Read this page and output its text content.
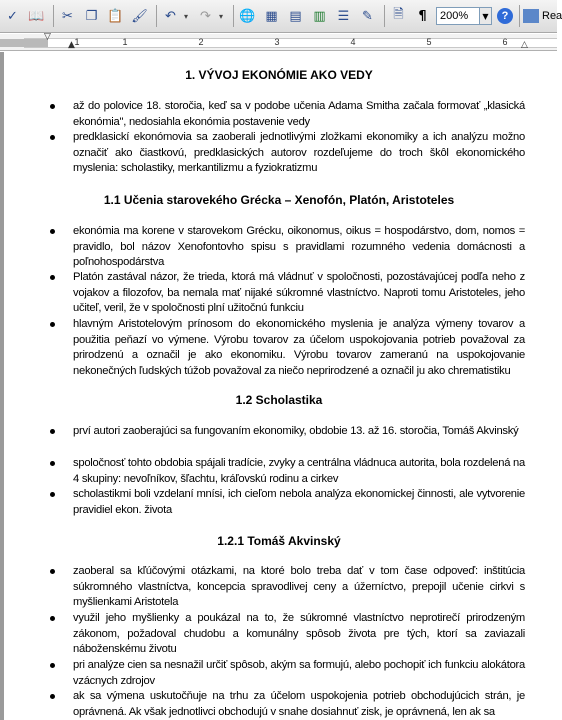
✓ 📖	✂ ❐ 📋 🖌	↶	▾ ↷	▾	🌐 ▦ ▤ ▥ ☰ ✎	🗎	¶	200%	▼	?	Rea
1	1	2	3	4	5	6
▽
▲	△
1. VÝVOJ EKONÓMIE AKO VEDY
až do polovice 18. storočia, keď sa v podobe učenia Adama Smitha začala formovať „klasická ekonómia", nedosiahla ekonómia postavenie vedy
predklasickí ekonómovia sa zaoberali jednotlivými zložkami ekonomiky a ich analýzu možno označiť ako čiastkovú, predklasických autorov rozdeľujeme do troch škôl ekonomického myslenia: scholastiky, merkantilizmu a fyziokratizmu
1.1 Učenia starovekého Grécka – Xenofón, Platón, Aristoteles
ekonómia ma korene v starovekom Grécku, oikonomus, oikus = hospodárstvo, dom, nomos = pravidlo, bol názov Xenofontovho spisu s pravidlami rozumného vedenia domácnosti a poľnohospodárstva
Platón zastával názor, že trieda, ktorá má vládnuť v spoločnosti, pozostávajúcej podľa neho z vojakov a filozofov, ba nemala mať nijaké súkromné vlastníctvo. Naproti tomu Aristoteles, jeho učiteľ, veril, že v spoločnosti plní užitočnú funkciu
hlavným Aristotelovým prínosom do ekonomického myslenia je analýza výmeny tovarov a použitia peňazí vo výmene. Výrobu tovarov za účelom uspokojovania potrieb považoval za prirodzenú a označil je ako ekonomiku. Výrobu tovarov zameranú na uspokojovanie nekonečných ľudských túžob považoval za niečo neprirodzené a označil ju ako chrematistiku
1.2 Scholastika
prví autori zaoberajúci sa fungovaním ekonomiky, obdobie 13. až 16. storočia, Tomáš Akvinský
spoločnosť tohto obdobia spájali tradície, zvyky a centrálna vládnuca autorita, bola rozdelená na 4 skupiny: nevoľníkov, šľachtu, kráľovskú rodinu a cirkev
scholastikmi boli vzdelaní mnísi, ich cieľom nebola analýza ekonomickej činnosti, ale vytvorenie pravidiel ekon. života
1.2.1 Tomáš Akvinský
zaoberal sa kľúčovými otázkami, na ktoré bolo treba dať v tom čase odpoveď: inštitúcia súkromného vlastníctva, koncepcia spravodlivej ceny a úžerníctvo, prepojil učenie cirkvi s myšlienkami Aristotela
využil jeho myšlienky a poukázal na to, že súkromné vlastníctvo neprotirečí prirodzeným zákonom, požadoval chudobu a komunálny spôsob života pre tých, ktorí sa zaviazali náboženskému životu
pri analýze cien sa nesnažil určiť spôsob, akým sa formujú, alebo pochopiť ich funkciu alokátora vzácnych zdrojov
ak sa výmena uskutočňuje na trhu za účelom uspokojenia potrieb obchodujúcich strán, je oprávnená. Ak však jednotlivci obchodujú v snahe dosiahnuť zisk, je oprávnená, len ak sa
